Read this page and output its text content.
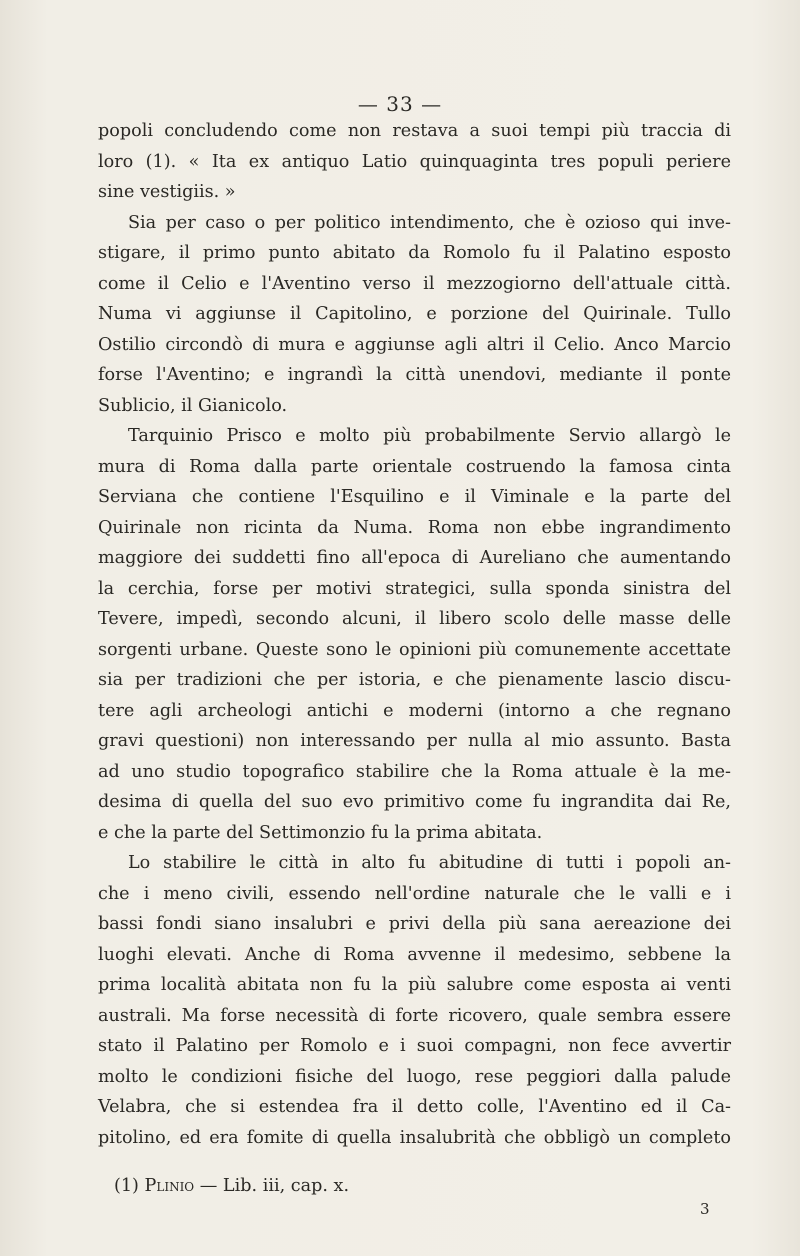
— 33 —
popoli concludendo come non restava a suoi tempi più traccia di
loro (1). « Ita ex antiquo Latio quinquaginta tres populi periere
sine vestigiis. »
Sia per caso o per politico intendimento, che è ozioso qui inve-
stigare, il primo punto abitato da Romolo fu il Palatino esposto
come il Celio e l'Aventino verso il mezzogiorno dell'attuale città.
Numa vi aggiunse il Capitolino, e porzione del Quirinale. Tullo
Ostilio circondò di mura e aggiunse agli altri il Celio. Anco Marcio
forse l'Aventino; e ingrandì la città unendovi, mediante il ponte
Sublicio, il Gianicolo.
Tarquinio Prisco e molto più probabilmente Servio allargò le
mura di Roma dalla parte orientale costruendo la famosa cinta
Serviana che contiene l'Esquilino e il Viminale e la parte del
Quirinale non ricinta da Numa. Roma non ebbe ingrandimento
maggiore dei suddetti fino all'epoca di Aureliano che aumentando
la cerchia, forse per motivi strategici, sulla sponda sinistra del
Tevere, impedì, secondo alcuni, il libero scolo delle masse delle
sorgenti urbane. Queste sono le opinioni più comunemente accettate
sia per tradizioni che per istoria, e che pienamente lascio discu-
tere agli archeologi antichi e moderni (intorno a che regnano
gravi questioni) non interessando per nulla al mio assunto. Basta
ad uno studio topografico stabilire che la Roma attuale è la me-
desima di quella del suo evo primitivo come fu ingrandita dai Re,
e che la parte del Settimonzio fu la prima abitata.
Lo stabilire le città in alto fu abitudine di tutti i popoli an-
che i meno civili, essendo nell'ordine naturale che le valli e i
bassi fondi siano insalubri e privi della più sana aereazione dei
luoghi elevati. Anche di Roma avvenne il medesimo, sebbene la
prima località abitata non fu la più salubre come esposta ai venti
australi. Ma forse necessità di forte ricovero, quale sembra essere
stato il Palatino per Romolo e i suoi compagni, non fece avvertir
molto le condizioni fisiche del luogo, rese peggiori dalla palude
Velabra, che si estendea fra il detto colle, l'Aventino ed il Ca-
pitolino, ed era fomite di quella insalubrità che obbligò un completo
(1) Plinio — Lib. iii, cap. x.
3
